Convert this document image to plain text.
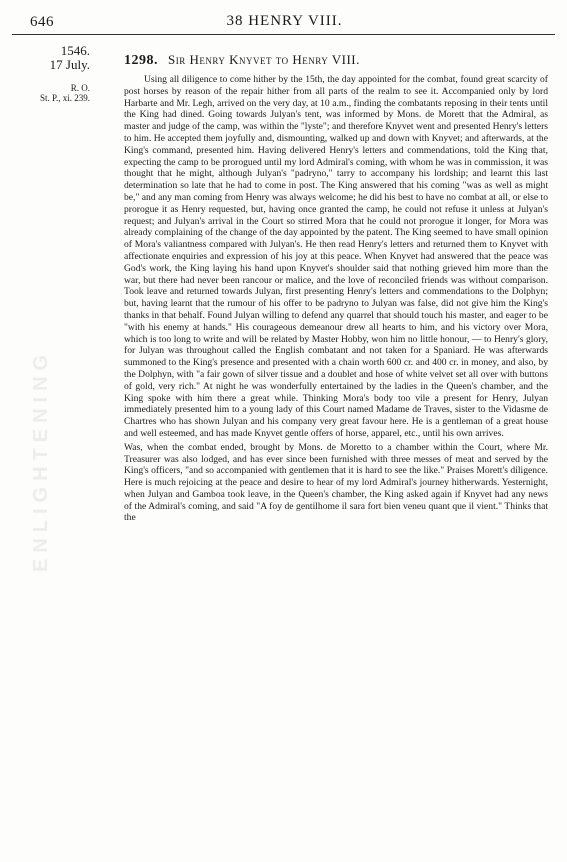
646	38 HENRY VIII.
ENLIGHTENING
1546.
17 July.
R. O.
St. P., xi. 239.
1298. Sir Henry Knyvet to Henry VIII.

Using all diligence to come hither by the 15th, the day appointed for the combat, found great scarcity of post horses by reason of the repair hither from all parts of the realm to see it. Accompanied only by lord Harbarte and Mr. Legh, arrived on the very day, at 10 a.m., finding the combatants reposing in their tents until the King had dined. Going towards Julyan's tent, was informed by Mons. de Morett that the Admiral, as master and judge of the camp, was within the "lyste"; and therefore Knyvet went and presented Henry's letters to him. He accepted them joyfully and, dismounting, walked up and down with Knyvet; and afterwards, at the King's command, presented him. Having delivered Henry's letters and commendations, told the King that, expecting the camp to be prorogued until my lord Admiral's coming, with whom he was in commission, it was thought that he might, although Julyan's "padryno," tarry to accompany his lordship; and learnt this last determination so late that he had to come in post. The King answered that his coming "was as well as might be," and any man coming from Henry was always welcome; he did his best to have no combat at all, or else to prorogue it as Henry requested, but, having once granted the camp, he could not refuse it unless at Julyan's request; and Julyan's arrival in the Court so stirred Mora that he could not prorogue it longer, for Mora was already complaining of the change of the day appointed by the patent. The King seemed to have small opinion of Mora's valiantness compared with Julyan's. He then read Henry's letters and returned them to Knyvet with affectionate enquiries and expression of his joy at this peace. When Knyvet had answered that the peace was God's work, the King laying his hand upon Knyvet's shoulder said that nothing grieved him more than the war, but there had never been rancour or malice, and the love of reconciled friends was without comparison. Took leave and returned towards Julyan, first presenting Henry's letters and commendations to the Dolphyn; but, having learnt that the rumour of his offer to be padryno to Julyan was false, did not give him the King's thanks in that behalf. Found Julyan willing to defend any quarrel that should touch his master, and eager to be "with his enemy at hands." His courageous demeanour drew all hearts to him, and his victory over Mora, which is too long to write and will be related by Master Hobby, won him no little honour, — to Henry's glory, for Julyan was throughout called the English combatant and not taken for a Spaniard. He was afterwards summoned to the King's presence and presented with a chain worth 600 cr. and 400 cr. in money, and also, by the Dolphyn, with "a fair gown of silver tissue and a doublet and hose of white velvet set all over with buttons of gold, very rich." At night he was wonderfully entertained by the ladies in the Queen's chamber, and the King spoke with him there a great while. Thinking Mora's body too vile a present for Henry, Julyan immediately presented him to a young lady of this Court named Madame de Traves, sister to the Vidasme de Chartres who has shown Julyan and his company very great favour here. He is a gentleman of a great house and well esteemed, and has made Knyvet gentle offers of horse, apparel, etc., until his own arrives.

Was, when the combat ended, brought by Mons. de Moretto to a chamber within the Court, where Mr. Treasurer was also lodged, and has ever since been furnished with three messes of meat and served by the King's officers, "and so accompanied with gentlemen that it is hard to see the like." Praises Morett's diligence. Here is much rejoicing at the peace and desire to hear of my lord Admiral's journey hitherwards. Yesternight, when Julyan and Gamboa took leave, in the Queen's chamber, the King asked again if Knyvet had any news of the Admiral's coming, and said "A foy de gentilhome il sara fort bien veneu quant que il vient." Thinks that the
